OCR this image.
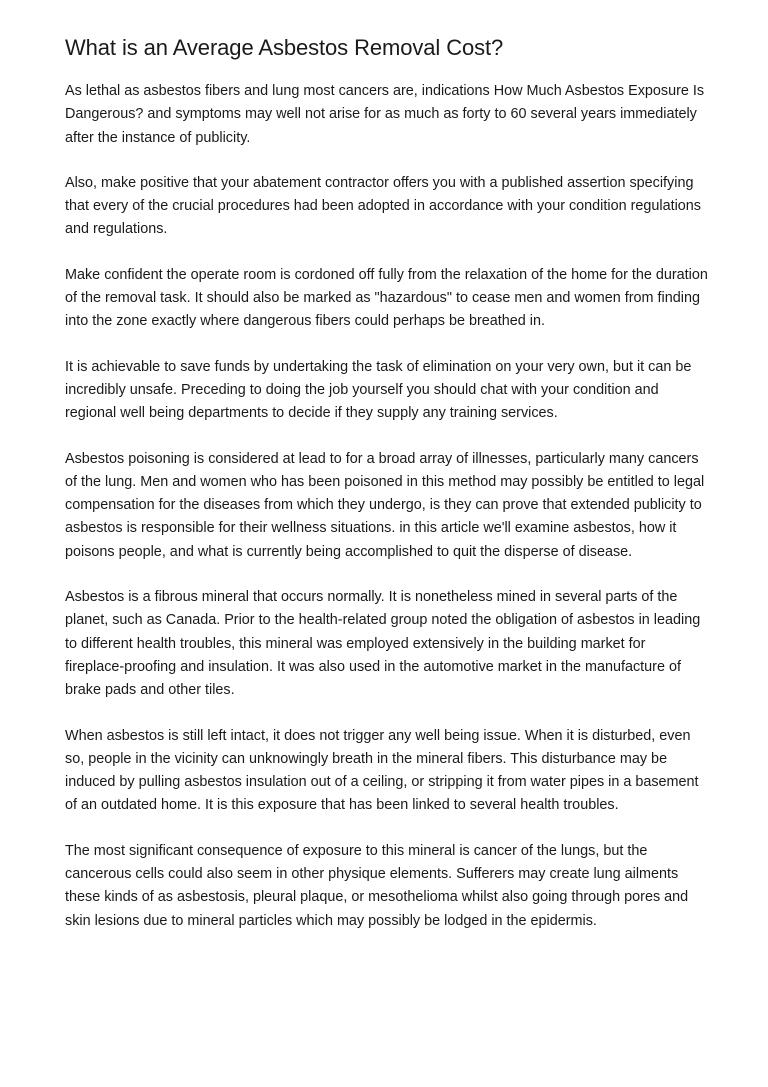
What is an Average Asbestos Removal Cost?

As lethal as asbestos fibers and lung most cancers are, indications How Much Asbestos Exposure Is Dangerous? and symptoms may well not arise for as much as forty to 60 several years immediately after the instance of publicity.

Also, make positive that your abatement contractor offers you with a published assertion specifying that every of the crucial procedures had been adopted in accordance with your condition regulations and regulations.

Make confident the operate room is cordoned off fully from the relaxation of the home for the duration of the removal task. It should also be marked as "hazardous" to cease men and women from finding into the zone exactly where dangerous fibers could perhaps be breathed in.

It is achievable to save funds by undertaking the task of elimination on your very own, but it can be incredibly unsafe. Preceding to doing the job yourself you should chat with your condition and regional well being departments to decide if they supply any training services.

Asbestos poisoning is considered at lead to for a broad array of illnesses, particularly many cancers of the lung. Men and women who has been poisoned in this method may possibly be entitled to legal compensation for the diseases from which they undergo, is they can prove that extended publicity to asbestos is responsible for their wellness situations. in this article we'll examine asbestos, how it poisons people, and what is currently being accomplished to quit the disperse of disease.

Asbestos is a fibrous mineral that occurs normally. It is nonetheless mined in several parts of the planet, such as Canada. Prior to the health-related group noted the obligation of asbestos in leading to different health troubles, this mineral was employed extensively in the building market for fireplace-proofing and insulation. It was also used in the automotive market in the manufacture of brake pads and other tiles.

When asbestos is still left intact, it does not trigger any well being issue. When it is disturbed, even so, people in the vicinity can unknowingly breath in the mineral fibers. This disturbance may be induced by pulling asbestos insulation out of a ceiling, or stripping it from water pipes in a basement of an outdated home. It is this exposure that has been linked to several health troubles.

The most significant consequence of exposure to this mineral is cancer of the lungs, but the cancerous cells could also seem in other physique elements. Sufferers may create lung ailments these kinds of as asbestosis, pleural plaque, or mesothelioma whilst also going through pores and skin lesions due to mineral particles which may possibly be lodged in the epidermis.
